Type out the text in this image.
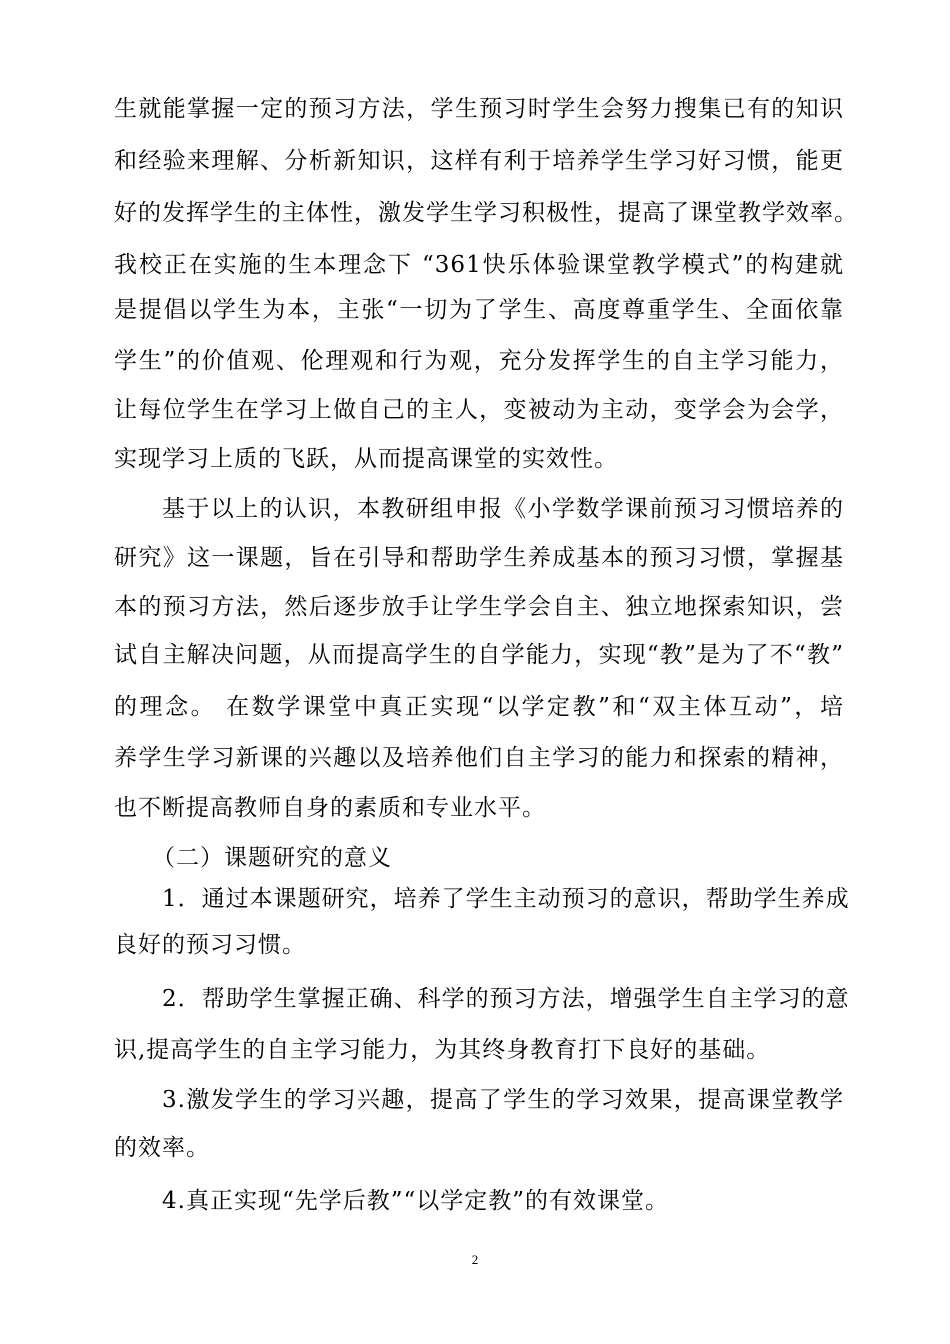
生就能掌握一定的预习方法，学生预习时学生会努力搜集已有的知识
和经验来理解、分析新知识，这样有利于培养学生学习好习惯，能更
好的发挥学生的主体性，激发学生学习积极性，提高了课堂教学效率。
我校正在实施的生本理念下 “361快乐体验课堂教学模式”的构建就
是提倡以学生为本，主张“一切为了学生、高度尊重学生、全面依靠
学生”的价值观、伦理观和行为观，充分发挥学生的自主学习能力，
让每位学生在学习上做自己的主人，变被动为主动，变学会为会学，
实现学习上质的飞跃，从而提高课堂的实效性。
基于以上的认识，本教研组申报《小学数学课前预习习惯培养的
研究》这一课题，旨在引导和帮助学生养成基本的预习习惯，掌握基
本的预习方法，然后逐步放手让学生学会自主、独立地探索知识，尝
试自主解决问题，从而提高学生的自学能力，实现“教”是为了不“教”
的理念。 在数学课堂中真正实现“以学定教”和“双主体互动”，培
养学生学习新课的兴趣以及培养他们自主学习的能力和探索的精神，
也不断提高教师自身的素质和专业水平。
（二）课题研究的意义
1．通过本课题研究，培养了学生主动预习的意识，帮助学生养成
良好的预习习惯。
2．帮助学生掌握正确、科学的预习方法，增强学生自主学习的意
识,提高学生的自主学习能力，为其终身教育打下良好的基础。
3.激发学生的学习兴趣，提高了学生的学习效果，提高课堂教学
的效率。
4.真正实现“先学后教”“以学定教”的有效课堂。
2
